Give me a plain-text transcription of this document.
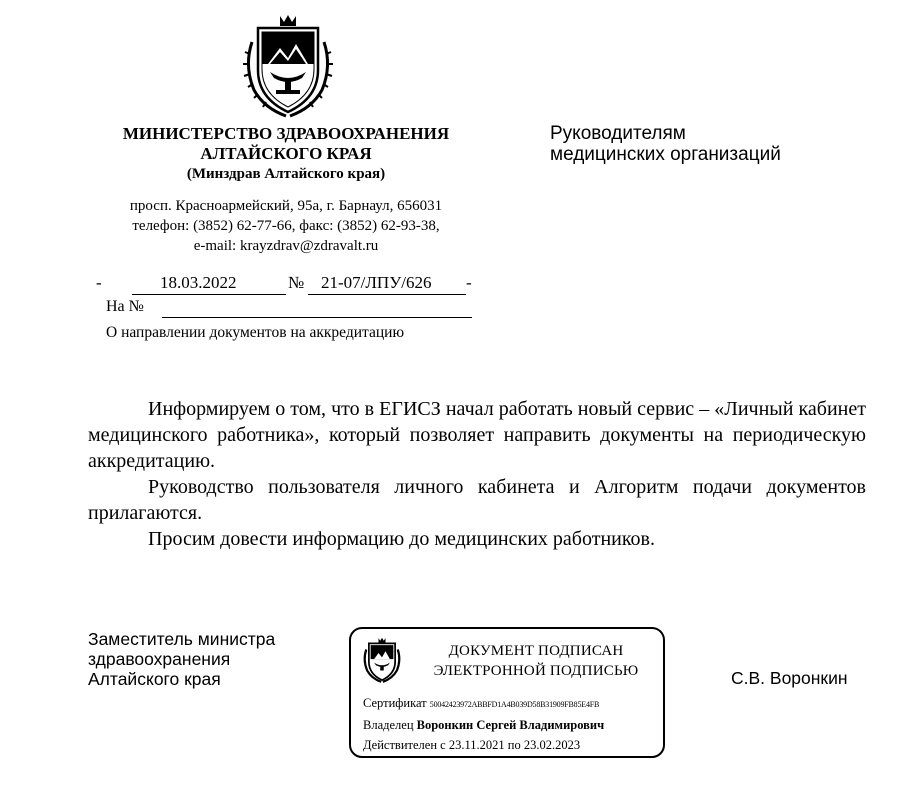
МИНИСТЕРСТВО ЗДРАВООХРАНЕНИЯ
АЛТАЙСКОГО КРАЯ
(Минздрав Алтайского края)
просп. Красноармейский, 95а, г. Барнаул, 656031
телефон: (3852) 62-77-66, факс: (3852) 62-93-38,
e-mail: krayzdrav@zdravalt.ru
Руководителям
медицинских организаций
-	18.03.2022	№ 21-07/ЛПУ/626 -
На №
О направлении документов на аккредитацию

Информируем о том, что в ЕГИСЗ начал работать новый сервис – «Личный кабинет медицинского работника», который позволяет направить документы на периодическую аккредитацию.

Руководство пользователя личного кабинета и Алгоритм подачи документов прилагаются.

Просим довести информацию до медицинских работников.

Заместитель министра
здравоохранения
Алтайского края	С.В. Воронкин
ДОКУМЕНТ ПОДПИСАН
ЭЛЕКТРОННОЙ ПОДПИСЬЮ
Сертификат 50042423972ABBFD1A4B039D58B31909FB85E4FB
Владелец Воронкин Сергей Владимирович
Действителен с 23.11.2021 по 23.02.2023
